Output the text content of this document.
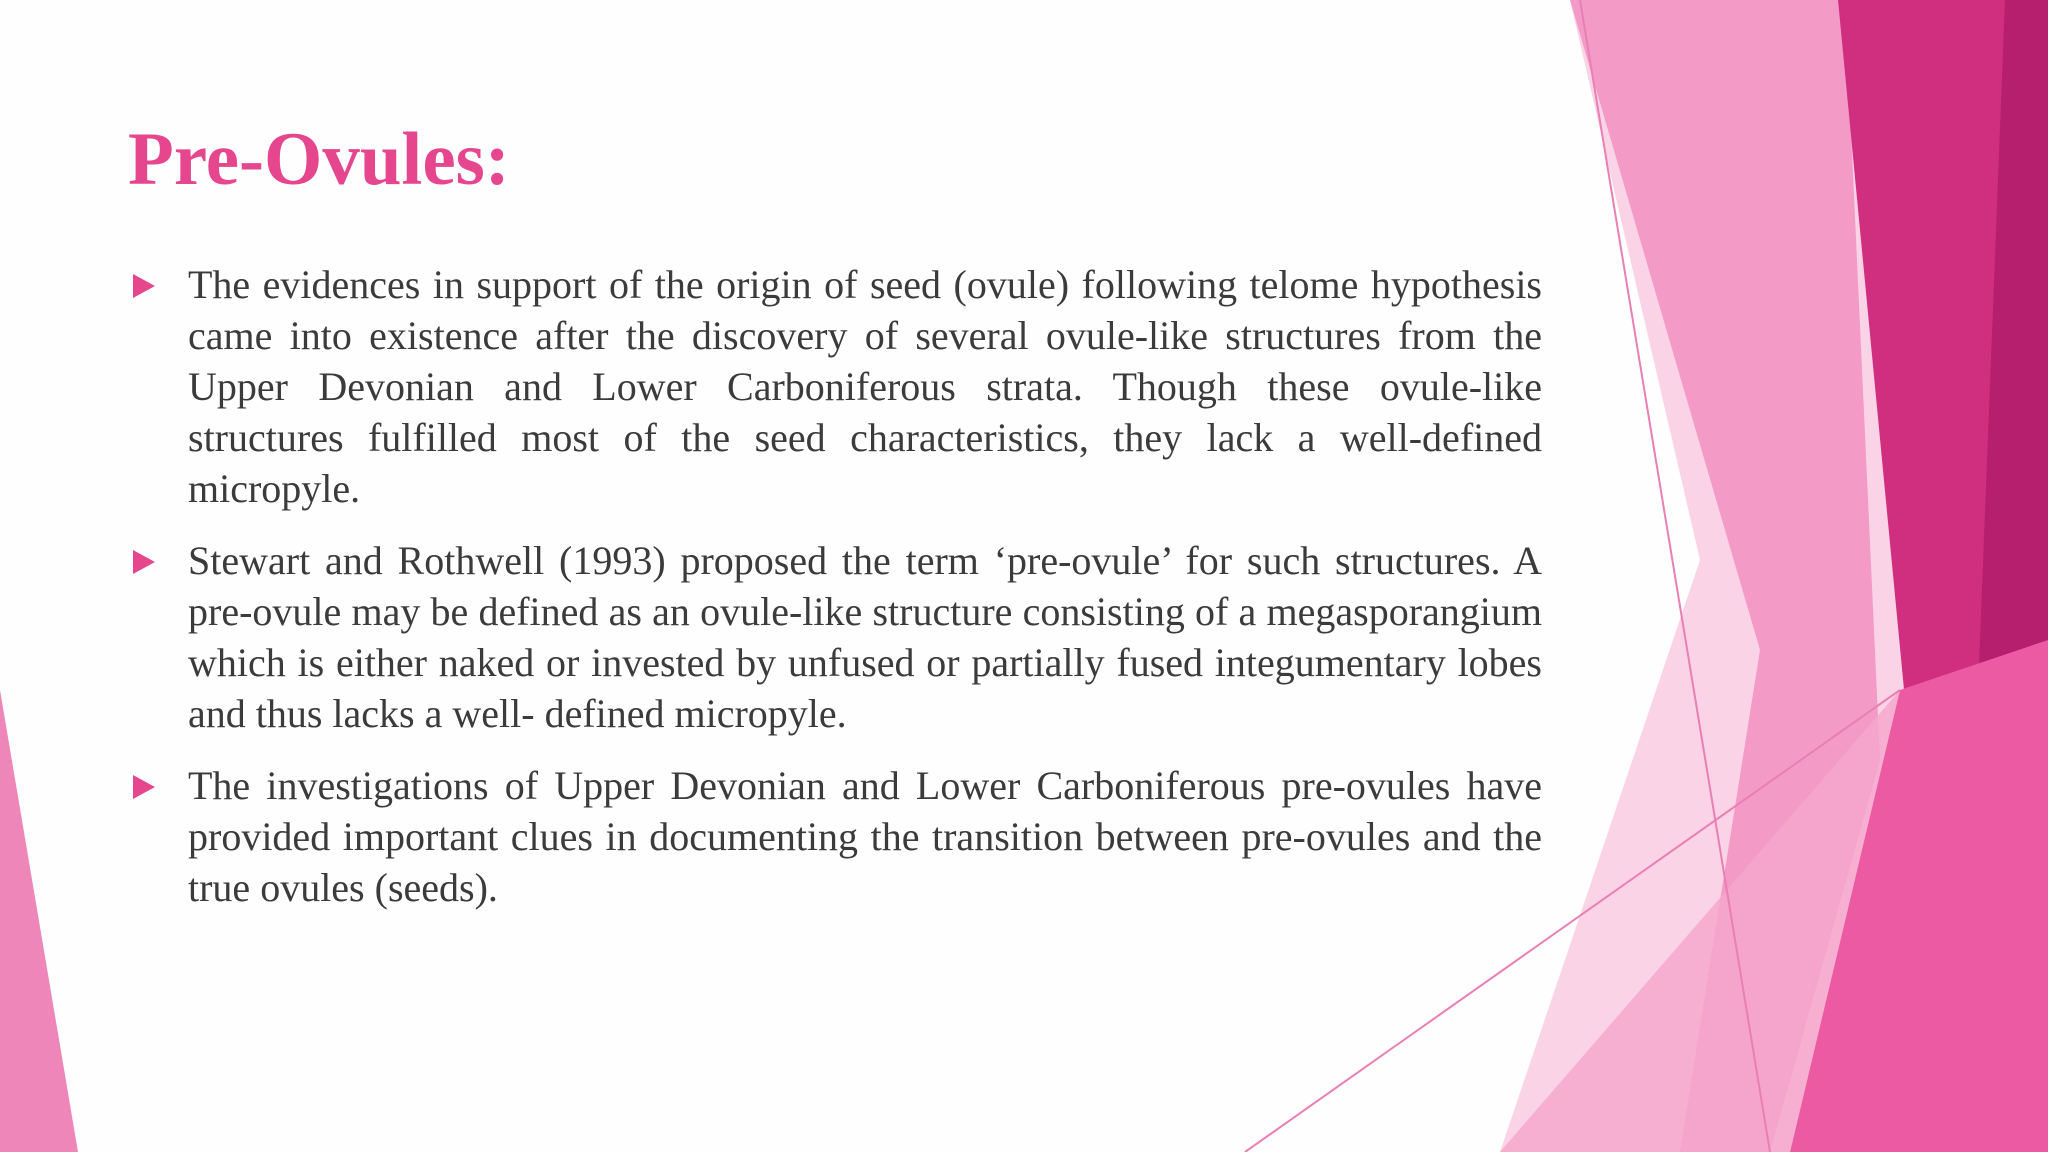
Pre-Ovules:

The evidences in support of the origin of seed (ovule) following telome hypothesis came into existence after the discovery of several ovule-like structures from the Upper Devonian and Lower Carboniferous strata. Though these ovule-like structures fulfilled most of the seed characteristics, they lack a well-defined micropyle.

Stewart and Rothwell (1993) proposed the term ‘pre-ovule’ for such structures. A pre-ovule may be defined as an ovule-like structure consisting of a megasporangium which is either naked or invested by unfused or partially fused integumentary lobes and thus lacks a well- defined micropyle.

The investigations of Upper Devonian and Lower Carboniferous pre-ovules have provided important clues in documenting the transition between pre-ovules and the true ovules (seeds).
